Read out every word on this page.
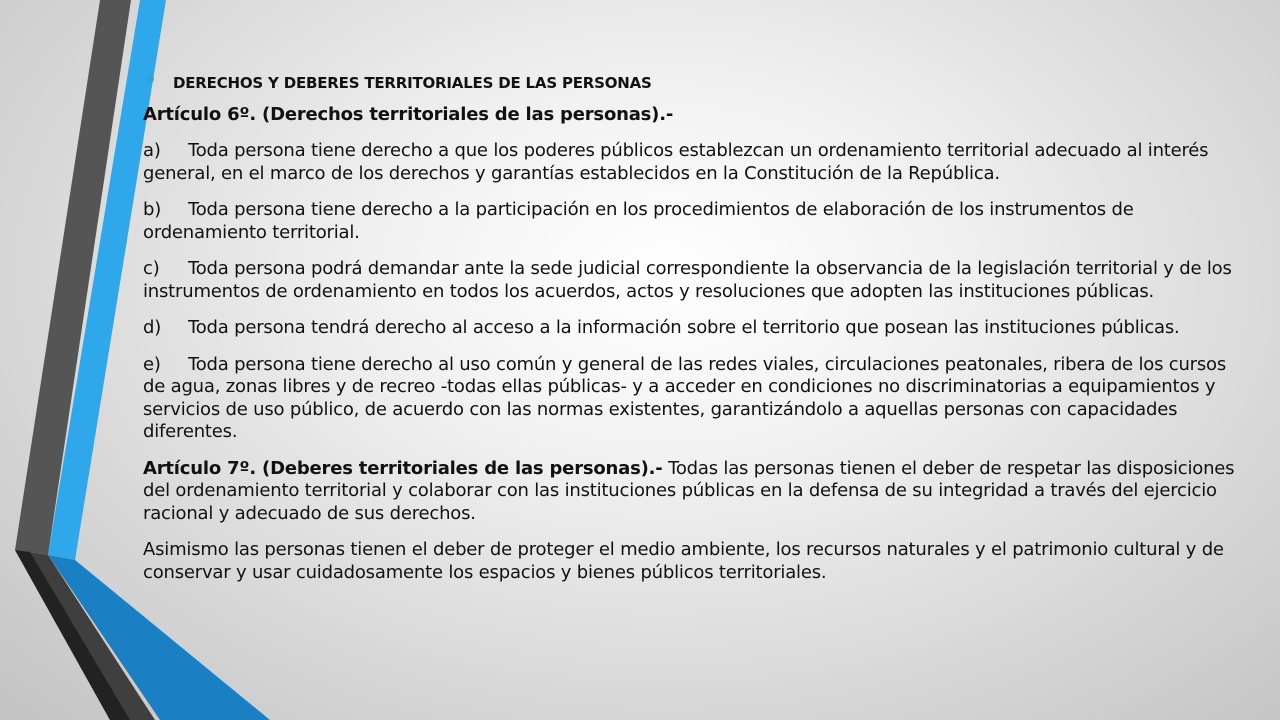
• DERECHOS Y DEBERES TERRITORIALES DE LAS PERSONAS
Artículo 6º. (Derechos territoriales de las personas).-
a) Toda persona tiene derecho a que los poderes públicos establezcan un ordenamiento territorial adecuado al interés general, en el marco de los derechos y garantías establecidos en la Constitución de la República.
b) Toda persona tiene derecho a la participación en los procedimientos de elaboración de los instrumentos de ordenamiento territorial.
c) Toda persona podrá demandar ante la sede judicial correspondiente la observancia de la legislación territorial y de los instrumentos de ordenamiento en todos los acuerdos, actos y resoluciones que adopten las instituciones públicas.
d) Toda persona tendrá derecho al acceso a la información sobre el territorio que posean las instituciones públicas.
e) Toda persona tiene derecho al uso común y general de las redes viales, circulaciones peatonales, ribera de los cursos de agua, zonas libres y de recreo -todas ellas públicas- y a acceder en condiciones no discriminatorias a equipamientos y servicios de uso público, de acuerdo con las normas existentes, garantizándolo a aquellas personas con capacidades diferentes.
Artículo 7º. (Deberes territoriales de las personas).- Todas las personas tienen el deber de respetar las disposiciones del ordenamiento territorial y colaborar con las instituciones públicas en la defensa de su integridad a través del ejercicio racional y adecuado de sus derechos.
Asimismo las personas tienen el deber de proteger el medio ambiente, los recursos naturales y el patrimonio cultural y de conservar y usar cuidadosamente los espacios y bienes públicos territoriales.
